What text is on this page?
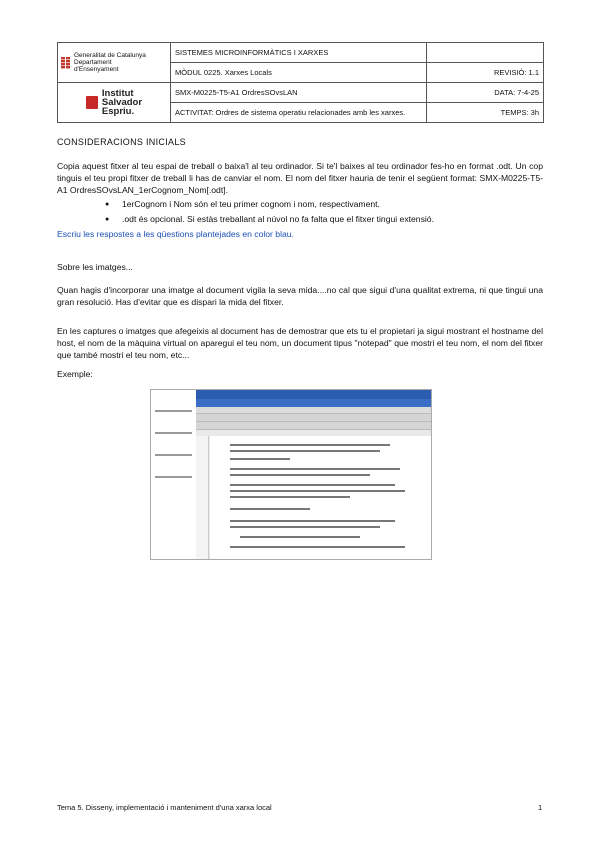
Generalitat de Catalunya
Departament
d'Ensenyament	SISTEMES MICROINFORMÀTICS I XARXES	
	MÒDUL 0225. Xarxes Locals	REVISIÓ: 1.1

Institut
Salvador
Espriu.	SMX-M0225-T5-A1 OrdresSOvsLAN	DATA: 7-4-25
	ACTIVITAT: Ordres de sistema operatiu relacionades amb les xarxes.	TEMPS: 3h
CONSIDERACIONS INICIALS
Copia aquest fitxer al teu espai de treball o baixa'l al teu ordinador. Si te'l baixes al teu ordinador fes-ho en format .odt. Un cop tinguis el teu propi fitxer de treball li has de canviar el nom. El nom del fitxer hauria de tenir el següent format: SMX-M0225-T5-A1 OrdresSOvsLAN_1erCognom_Nom[.odt].
● 1erCognom i Nom són el teu primer cognom i nom, respectivament.
● .odt és opcional. Si estàs treballant al núvol no fa falta que el fitxer tingui extensió.
Escriu les respostes a les qüestions plantejades en color blau.
Sobre les imatges...
Quan hagis d'incorporar una imatge al document vigila la seva mida....no cal que sigui d'una qualitat extrema, ni que tingui una gran resolució. Has d'evitar que es dispari la mida del fitxer.
En les captures o imatges que afegeixis al document has de demostrar que ets tu el propietari ja sigui mostrant el hostname del host, el nom de la màquina virtual on aparegui el teu nom, un document tipus "notepad" que mostri el teu nom, el nom del fitxer que també mostri el teu nom, etc...
Exemple:
Tema 5. Disseny, implementació i manteniment d'una xarxa local	1
